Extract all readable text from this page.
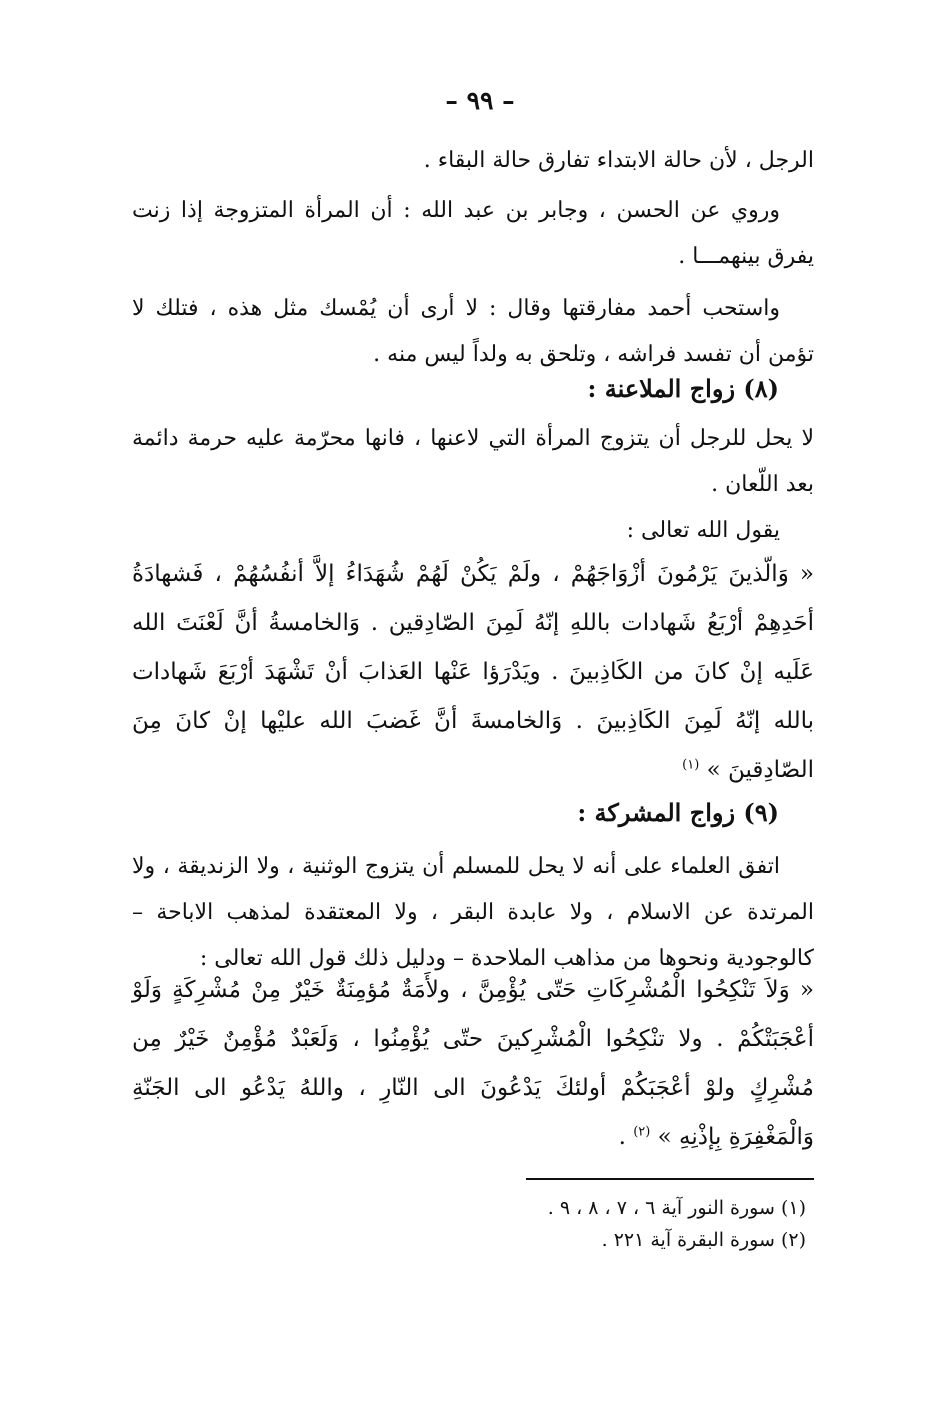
– ٩٩ –

الرجل ، لأن حالة الابتداء تفارق حالة البقاء .

وروي عن الحسن ، وجابر بن عبد الله : أن المرأة المتزوجة إذا زنت يفرق بينهمـــا .

واستحب أحمد مفارقتها وقال : لا أرى أن يُمْسك مثل هذه ، فتلك لا تؤمن أن تفسد فراشه ، وتلحق به ولداً ليس منه .

(٨) زواج الملاعنة :

لا يحل للرجل أن يتزوج المرأة التي لاعنها ، فانها محرّمة عليه حرمة دائمة بعد اللّعان .

يقول الله تعالى :

« وَالّذينَ يَرْمُونَ أزْوَاجَهُمْ ، ولَمْ يَكُنْ لَهُمْ شُهَدَاءُ إلاَّ أنفُسُهُمْ ، فَشهادَةُ أحَدِهِمْ أرْبَعُ شَهادات باللهِ إنّهُ لَمِنَ الصّادِقين . وَالخامسةُ أنَّ لَعْنَتَ الله عَلَيه إنْ كانَ من الكَاذِبينَ . ويَدْرَؤا عَنْها العَذابَ أنْ تَشْهَدَ أرْبَعَ شَهادات بالله إنّهُ لَمِنَ الكَاذِبينَ . وَالخامسةَ أنَّ غَضبَ الله عليْها إنْ كانَ مِنَ الصّادِقينَ » $^{(١)}$

(٩) زواج المشركة :

اتفق العلماء على أنه لا يحل للمسلم أن يتزوج الوثنية ، ولا الزنديقة ، ولا المرتدة عن الاسلام ، ولا عابدة البقر ، ولا المعتقدة لمذهب الاباحة – كالوجودية ونحوها من مذاهب الملاحدة – ودليل ذلك قول الله تعالى :

« وَلاَ تَنْكِحُوا الْمُشْرِكَاتِ حَتّى يُؤْمِنَّ ، ولأَمَةٌ مُؤمِنَةٌ خَيْرٌ مِنْ مُشْرِكَةٍ وَلَوْ أعْجَبَتْكُمْ . ولا تنْكِحُوا الْمُشْرِكينَ حتّى يُؤْمِنُوا ، وَلَعَبْدٌ مُؤْمِنٌ خَيْرٌ مِن مُشْرِكٍ ولوْ أعْجَبَكُمْ أولئكَ يَدْعُونَ الى النّارِ ، واللهُ يَدْعُو الى الجَنّةِ وَالْمَغْفِرَةِ بِإذْنِهِ » $^{(٢)}$ .

(١) سورة النور آية ٦ ، ٧ ، ٨ ، ٩ .
(٢) سورة البقرة آية ٢٢١ .
